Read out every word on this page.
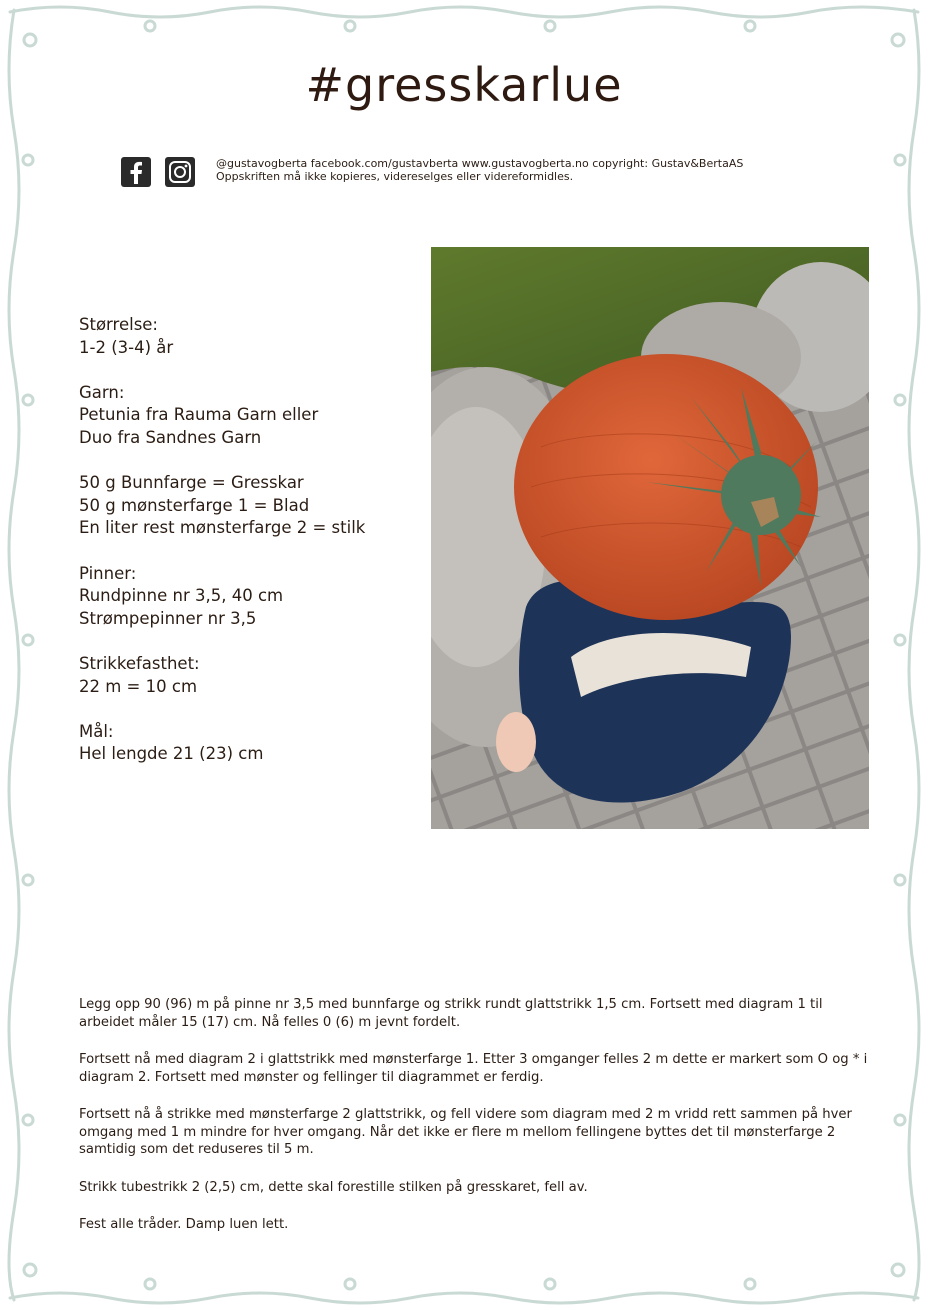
#gresskarlue
@gustavogberta facebook.com/gustavberta www.gustavogberta.no copyright: Gustav&BertaAS
Oppskriften må ikke kopieres, videreselges eller videreformidles.
Størrelse:
1-2 (3-4) år
Garn:
Petunia fra Rauma Garn eller
Duo fra Sandnes Garn
50 g Bunnfarge = Gresskar
50 g mønsterfarge 1 = Blad
En liter rest mønsterfarge 2 = stilk
Pinner:
Rundpinne nr 3,5, 40 cm
Strømpepinner nr 3,5
Strikkefasthet:
22 m = 10 cm
Mål:
Hel lengde 21 (23) cm

Legg opp 90 (96) m på pinne nr 3,5 med bunnfarge og strikk rundt glattstrikk 1,5 cm. Fortsett med diagram 1 til arbeidet måler 15 (17) cm. Nå felles 0 (6) m jevnt fordelt.

Fortsett nå med diagram 2 i glattstrikk med mønsterfarge 1. Etter 3 omganger felles 2 m dette er markert som O og * i diagram 2. Fortsett med mønster og fellinger til diagrammet er ferdig.

Fortsett nå å strikke med mønsterfarge 2 glattstrikk, og fell videre som diagram med 2 m vridd rett sammen på hver omgang med 1 m mindre for hver omgang. Når det ikke er flere m mellom fellingene byttes det til mønsterfarge 2 samtidig som det reduseres til 5 m.

Strikk tubestrikk 2 (2,5) cm, dette skal forestille stilken på gresskaret, fell av.

Fest alle tråder. Damp luen lett.
